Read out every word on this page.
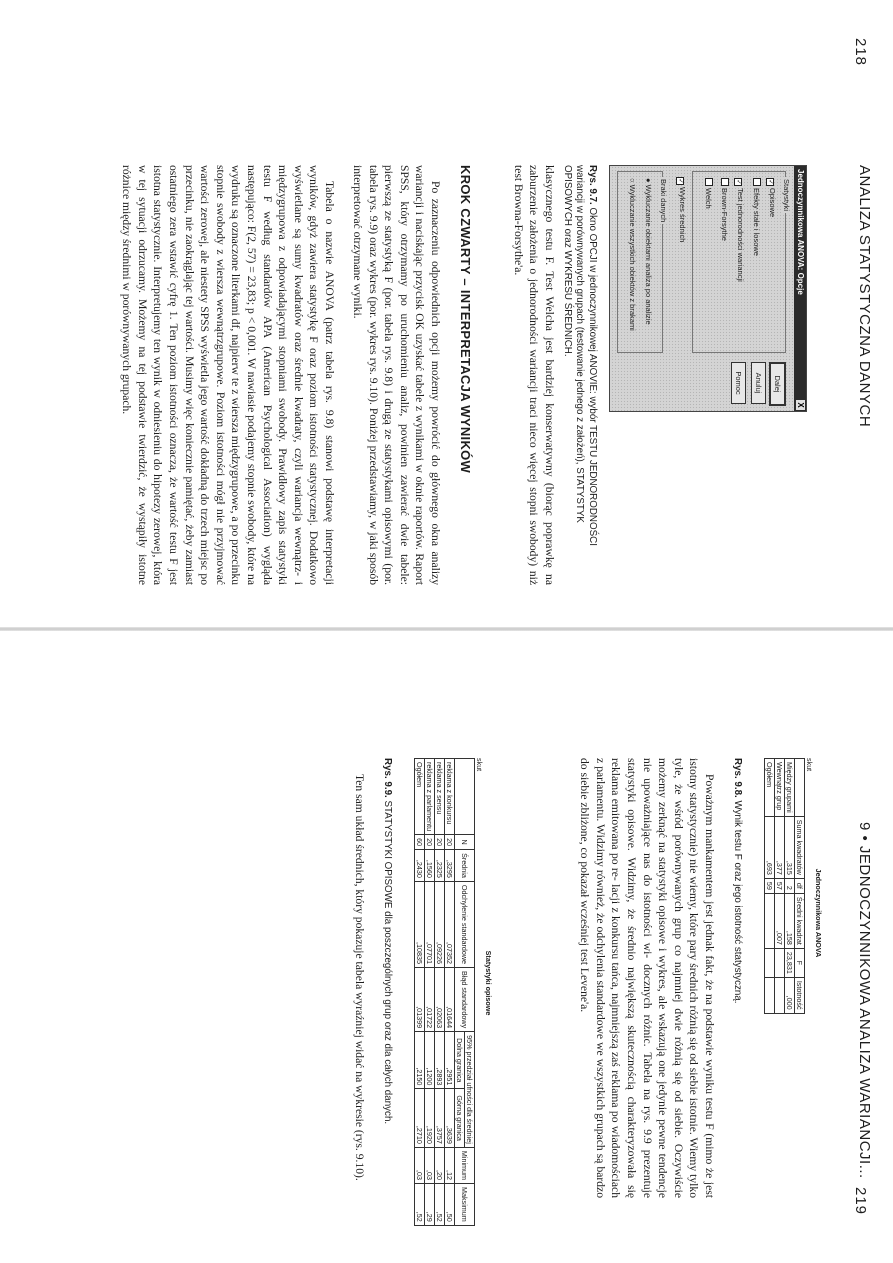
218
ANALIZA STATYSTYCZNA DANYCH
Jednoczynnikowa ANOVA: Opcje
X
Statystyki
✓Opisowe
Efekty stałe i losowe
✓Test jednorodności wariancji
Brown-Forsythe
Welch
✓Wykres średnich
Braki danych
● Wykluczanie obiektami analiza po analizie
○ Wykluczanie wszystkich obiektów z brakami
Dalej
Anuluj
Pomoc

Rys. 9.7. Okno OPCJI w jednoczynnikowej ANOVIE: wybór TESTU JEDNORODNOŚCI wariancji w porównywanych grupach (testowanie jednego z założeń), STATYSTYK OPISOWYCH oraz WYKRESU ŚREDNICH.

klasycznego testu F. Test Welcha jest bardziej konserwatywny (biorąc poprawkę na zaburzenie założenia o jednorodności wariancji traci nieco więcej stopni swobody) niż test Browna-Forsythe'a.

KROK CZWARTY – INTERPRETACJA WYNIKÓW

Po zaznaczeniu odpowiednich opcji możemy powrócić do głównego okna analizy wariancji i naciskając przycisk OK uzyskać tabele z wynikami w oknie raportów. Raport SPSS, który otrzymamy po uruchomieniu analiz, powinien zawierać dwie tabele: pierwszą ze statystyką F (por. tabela rys. 9.8) i drugą ze statystykami opisowymi (por. tabela rys. 9.9) oraz wykres (por. wykres rys. 9.10). Poniżej przedstawiamy, w jaki sposób interpretować otrzymane wyniki.

Tabela o nazwie ANOVA (patrz tabela rys. 9.8) stanowi podstawę interpretacji wyników, gdyż zawiera statystykę F oraz poziom istotności statystycznej. Dodatkowo wyświetlane są sumy kwadratów oraz średnie kwadraty, czyli wariancja wewnątrz- i międzygrupowa z odpowiadającymi stopniami swobody. Prawidłowy zapis statystyki testu F według standardów APA (American Psychological Association) wygląda następująco: F(2, 57) = 23,83; p < 0,001. W nawiasie podajemy stopnie swobody, które na wydruku są oznaczone literkami df, najpierw te z wiersza międzygrupowe, a po przecinku stopnie swobody z wiersza wewnątrzgrupowe. Poziom istotności mógł nie przyjmować wartości zerowej, ale niestety SPSS wyświetla jego wartość dokładną do trzech miejsc po przecinku, nie zaokrąglając tej wartości. Musimy więc koniecznie pamiętać, żeby zamiast ostatniego zera wstawić cyfrę 1. Ten poziom istotności oznacza, że wartość testu F jest istotna statystycznie. Interpretujemy ten wynik w odniesieniu do hipotezy zerowej, która w tej sytuacji odrzucamy. Możemy na tej podstawie twierdzić, że wystąpiły istotne różnice między średnimi w porównywanych grupach.

9 • JEDNOCZYNNIKOWA ANALIZA WARIANCJI...
219
Jednoczynnikowa ANOVA
skut
	Suma kwadratów	df	Średni kwadrat	F	Istotność
Między grupami	,315	2	,158	23,831	,000
Wewnątrz grup	,377	57	,007		
Ogółem	,693	59			

Rys. 9.8. Wynik testu F oraz jego istotność statystyczną.

Poważnym mankamentem jest jednak fakt, że na podstawie wyniku testu F (mimo że jest istotny statystycznie) nie wiemy, które pary średnich różnią się od siebie istotnie. Wiemy tylko tyle, że wśród porównywanych grup co najmniej dwie różnią się od siebie. Oczywiście możemy zerknąć na statystyki opisowe i wykres, ale wskazują one jedynie pewne tendencje nie upoważniające nas do istotności wi- docznych różnic. Tabela na rys. 9.9 prezentuje statystyki opisowe. Widzimy, że średnio największą skutecznością charakteryzowała się reklama emitowana po re- lacji z konkursu tańca, najmniejszą zaś reklama po wiadomościach z parlamentu. Widzimy również, że odchylenia standardowe we wszystkich grupach są bardzo do siebie zbliżone, co pokazał wcześniej test Levene'a.

Statystyki opisowe
skut
	N	Średnia	Odchylenie standardowe	Błąd standardowy	95% przedział ufności dla średniej		Minimum	Maksimum
					Dolna granica	Górna granica		
reklama z konkursu	20	,3295	,07352	,01644	,2951	,3639	,12	,50
reklama z sensu	20	,2325	,09226	,02063	,2893	,3757	,20	,52
reklama z parlamentu	20	,1560	,07701	,01722	,1200	,1920	,03	,29
Ogółem	60	,2430	,10835	,01399	,2150	,2710	,03	,52

Rys. 9.9. STATYSTYKI OPISOWE dla poszczególnych grup oraz dla całych danych.

Ten sam układ średnich, który pokazuje tabela wyraźniej widać na wykresie (rys. 9.10).
